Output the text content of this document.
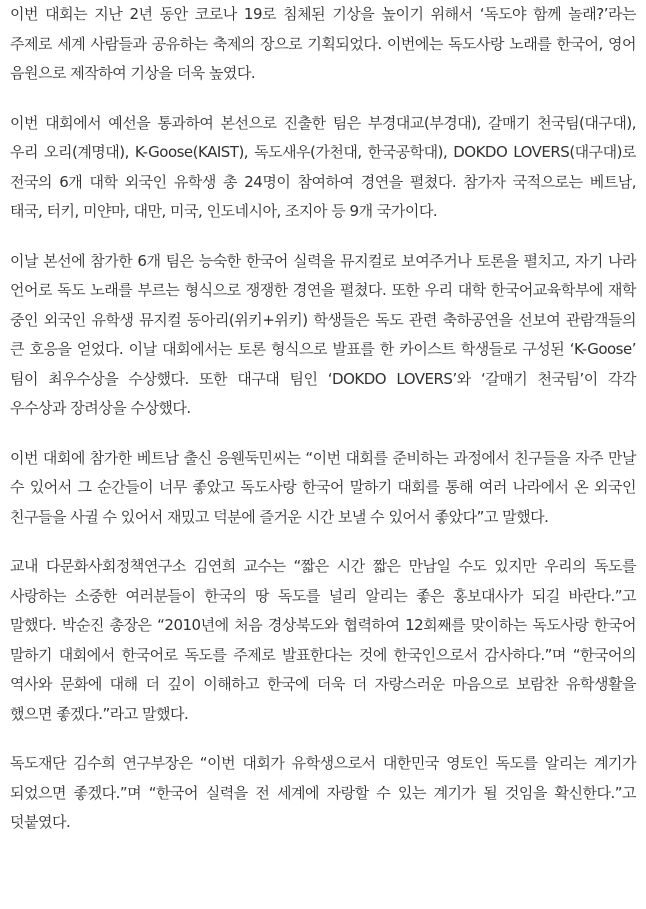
이번 대회는 지난 2년 동안 코로나 19로 침체된 기상을 높이기 위해서 ‘독도야 함께 놀래?’라는 주제로 세계 사람들과 공유하는 축제의 장으로 기획되었다. 이번에는 독도사랑 노래를 한국어, 영어 음원으로 제작하여 기상을 더욱 높였다.

이번 대회에서 예선을 통과하여 본선으로 진출한 팀은 부경대교(부경대), 갈매기 천국팀(대구대), 우리 오리(계명대), K-Goose(KAIST), 독도새우(가천대, 한국공학대), DOKDO LOVERS(대구대)로 전국의 6개 대학 외국인 유학생 총 24명이 참여하여 경연을 펼쳤다. 참가자 국적으로는 베트남, 태국, 터키, 미얀마, 대만, 미국, 인도네시아, 조지아 등 9개 국가이다.

이날 본선에 참가한 6개 팀은 능숙한 한국어 실력을 뮤지컬로 보여주거나 토론을 펼치고, 자기 나라 언어로 독도 노래를 부르는 형식으로 쟁쟁한 경연을 펼쳤다. 또한 우리 대학 한국어교육학부에 재학 중인 외국인 유학생 뮤지컬 동아리(위키+위키) 학생들은 독도 관련 축하공연을 선보여 관람객들의 큰 호응을 얻었다. 이날 대회에서는 토론 형식으로 발표를 한 카이스트 학생들로 구성된 ‘K-Goose’ 팀이 최우수상을 수상했다. 또한 대구대 팀인 ‘DOKDO LOVERS’와 ‘갈매기 천국팀’이 각각 우수상과 장려상을 수상했다.

이번 대회에 참가한 베트남 출신 응웬둑민씨는 “이번 대회를 준비하는 과정에서 친구들을 자주 만날 수 있어서 그 순간들이 너무 좋았고 독도사랑 한국어 말하기 대회를 통해 여러 나라에서 온 외국인 친구들을 사귈 수 있어서 재밌고 덕분에 즐거운 시간 보낼 수 있어서 좋았다”고 말했다.

교내 다문화사회정책연구소 김연희 교수는 “짧은 시간 짧은 만남일 수도 있지만 우리의 독도를 사랑하는 소중한 여러분들이 한국의 땅 독도를 널리 알리는 좋은 홍보대사가 되길 바란다.”고 말했다. 박순진 총장은 “2010년에 처음 경상북도와 협력하여 12회째를 맞이하는 독도사랑 한국어 말하기 대회에서 한국어로 독도를 주제로 발표한다는 것에 한국인으로서 감사하다.”며 “한국어의 역사와 문화에 대해 더 깊이 이해하고 한국에 더욱 더 자랑스러운 마음으로 보람찬 유학생활을 했으면 좋겠다.”라고 말했다.

독도재단 김수희 연구부장은 “이번 대회가 유학생으로서 대한민국 영토인 독도를 알리는 계기가 되었으면 좋겠다.”며 “한국어 실력을 전 세계에 자랑할 수 있는 계기가 될 것임을 확신한다.”고 덧붙였다.
